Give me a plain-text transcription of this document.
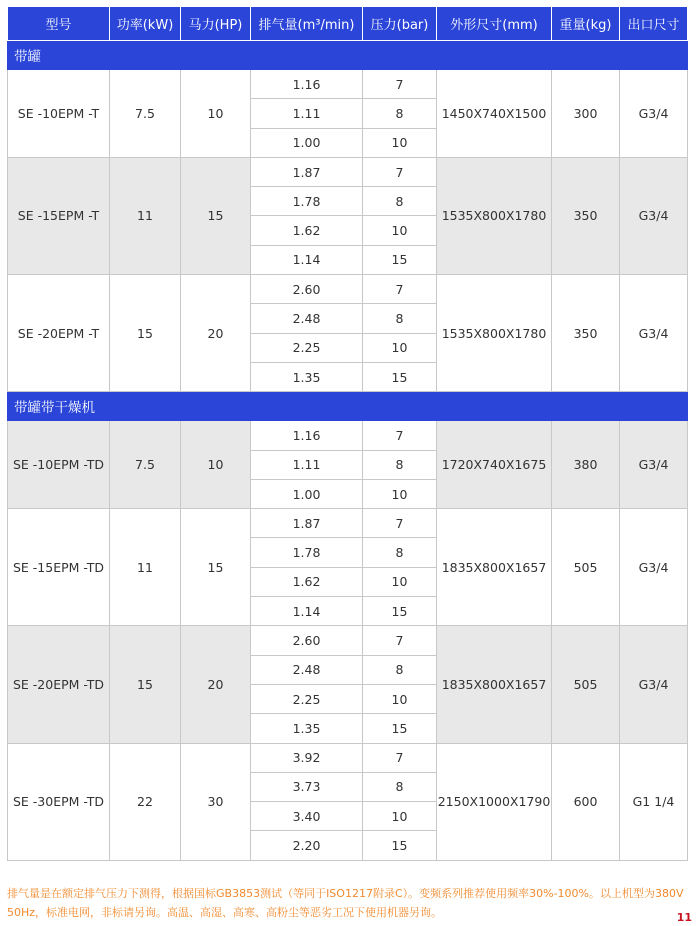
型号	功率(kW)	马力(HP)	排气量(m³/min)	压力(bar)	外形尺寸(mm)	重量(kg)	出口尺寸
带罐							
SE -10EPM -T	7.5	10	1.16	7	1450X740X1500	300	G3/4
			1.11	8			
			1.00	10			
SE -15EPM -T	11	15	1.87	7	1535X800X1780	350	G3/4
			1.78	8			
			1.62	10			
			1.14	15			
SE -20EPM -T	15	20	2.60	7	1535X800X1780	350	G3/4
			2.48	8			
			2.25	10			
			1.35	15			
带罐带干燥机							
SE -10EPM -TD	7.5	10	1.16	7	1720X740X1675	380	G3/4
			1.11	8			
			1.00	10			
SE -15EPM -TD	11	15	1.87	7	1835X800X1657	505	G3/4
			1.78	8			
			1.62	10			
			1.14	15			
SE -20EPM -TD	15	20	2.60	7	1835X800X1657	505	G3/4
			2.48	8			
			2.25	10			
			1.35	15			
SE -30EPM -TD	22	30	3.92	7	2150X1000X1790	600	G1 1/4
			3.73	8			
			3.40	10			
			2.20	15			
排气量是在额定排气压力下测得，根据国标GB3853测试（等同于ISO1217附录C）。变频系列推荐使用频率30%-100%。以上机型为380V 50Hz，标准电网，非标请另询。高温、高湿、高寒、高粉尘等恶劣工况下使用机器另询。	11
